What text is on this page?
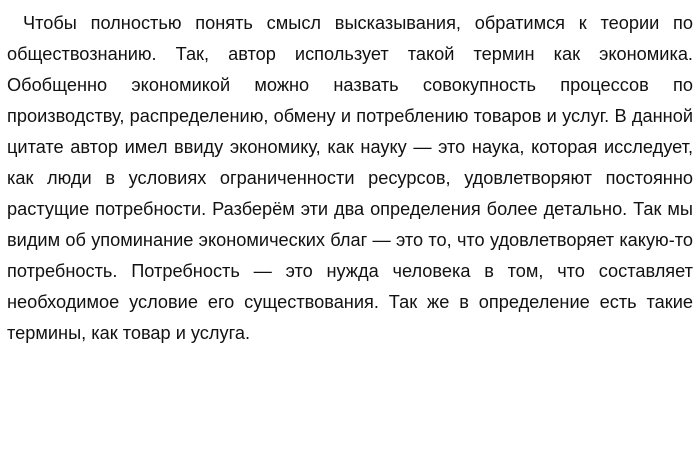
Чтобы полностью понять смысл высказывания, обратимся к теории по обществознанию. Так, автор использует такой термин как экономика. Обобщенно экономикой можно назвать совокупность процессов по производству, распределению, обмену и потреблению товаров и услуг. В данной цитате автор имел ввиду экономику, как науку — это наука, которая исследует, как люди в условиях ограниченности ресурсов, удовлетворяют постоянно растущие потребности. Разберём эти два определения более детально. Так мы видим об упоминание экономических благ — это то, что удовлетворяет какую-то потребность. Потребность — это нужда человека в том, что составляет необходимое условие его существования. Так же в определение есть такие термины, как товар и услуга.
